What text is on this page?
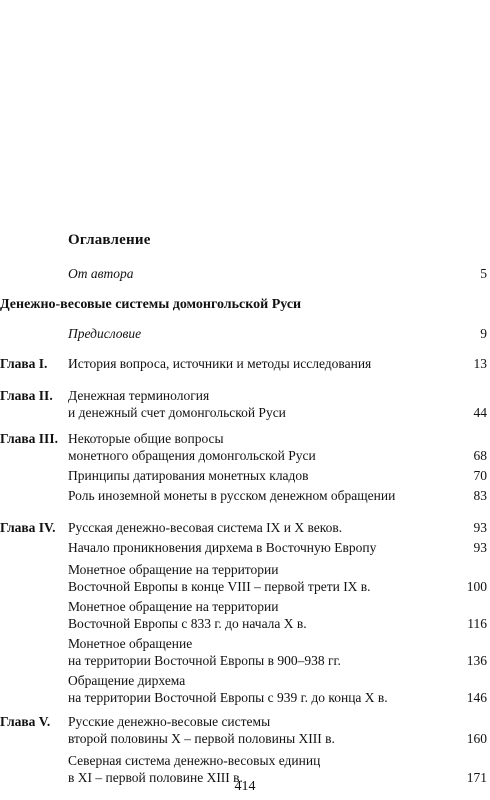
Оглавление
Денежно-весовые системы домонгольской Руси
От автора	5
Предисловие	9
Глава I. История вопроса, источники и методы исследования	13
Глава II. Денежная терминология
и денежный счет домонгольской Руси	44
Глава III. Некоторые общие вопросы
монетного обращения домонгольской Руси	68
Принципы датирования монетных кладов	70
Роль иноземной монеты в русском денежном обращении	83
Глава IV. Русская денежно-весовая система IX и X веков.	93
Начало проникновения дирхема в Восточную Европу	93
Монетное обращение на территории
Восточной Европы в конце VIII – первой трети IX в.	100
Монетное обращение на территории
Восточной Европы с 833 г. до начала X в.	116
Монетное обращение
на территории Восточной Европы в 900–938 гг.	136
Обращение дирхема
на территории Восточной Европы с 939 г. до конца X в.	146
Глава V. Русские денежно-весовые системы
второй половины X – первой половины XIII в.	160
Северная система денежно-весовых единиц
в XI – первой половине XIII в.	171
414
